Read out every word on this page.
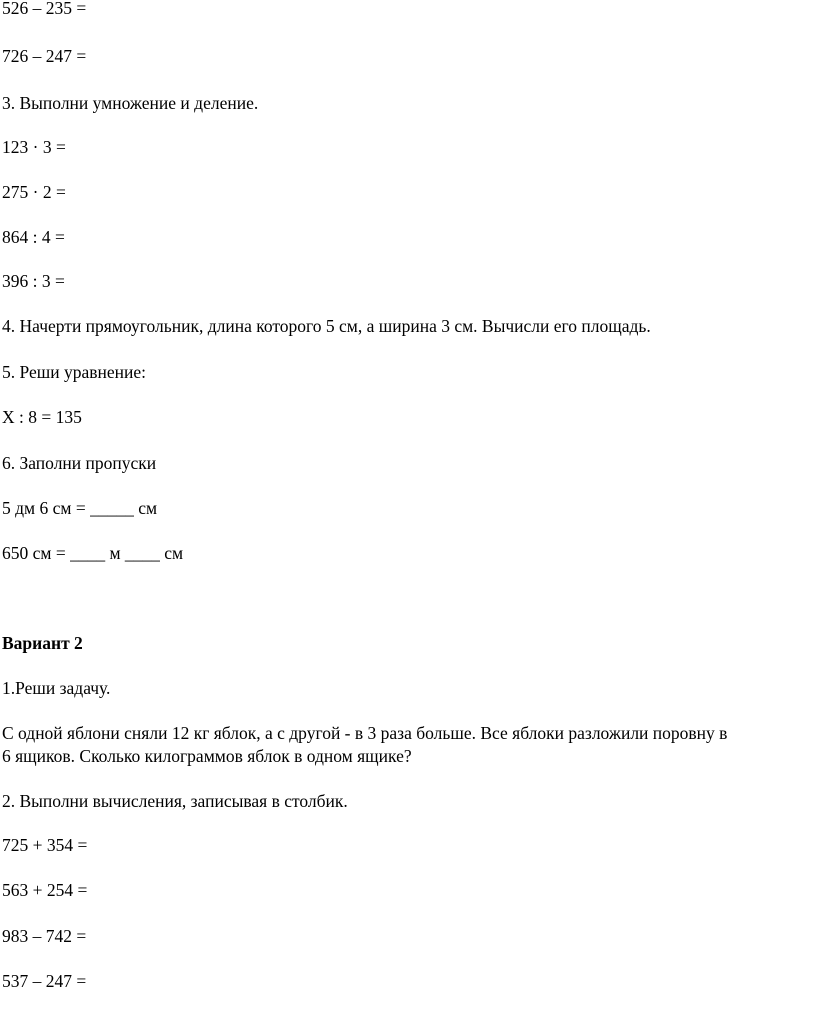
526 – 235 =
726 – 247 =
3. Выполни умножение и деление.
123 · 3 =
275 · 2 =
864 : 4 =
396 : 3 =
4. Начерти прямоугольник, длина которого 5 см, а ширина 3 см. Вычисли его площадь.
5. Реши уравнение:
Х : 8 = 135
6. Заполни пропуски
5 дм 6 см = _____ см
650 см = ____ м ____ см
Вариант 2
1.Реши задачу.
С одной яблони сняли 12 кг яблок, а с другой - в 3 раза больше. Все яблоки разложили поровну в
6 ящиков. Сколько килограммов яблок в одном ящике?
2. Выполни вычисления, записывая в столбик.
725 + 354 =
563 + 254 =
983 – 742 =
537 – 247 =
